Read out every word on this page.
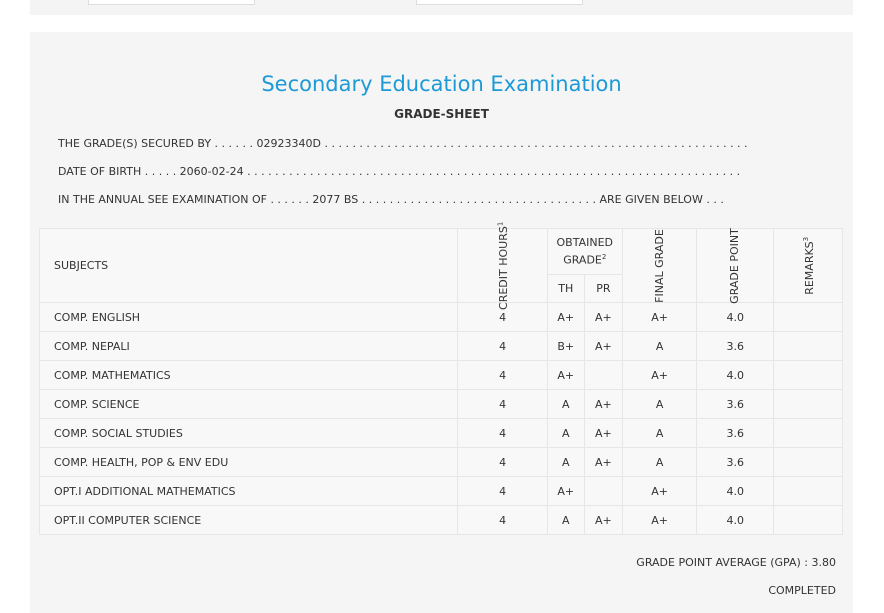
Secondary Education Examination
GRADE-SHEET
THE GRADE(S) SECURED BY . . . . . . 02923340D . . . . . . . . . . . . . . . . . . . . . . . . . . . . . . . . . . . . . . . . . . . . . . . . . . . . . . . . . . . . .
DATE OF BIRTH . . . . . 2060-02-24 . . . . . . . . . . . . . . . . . . . . . . . . . . . . . . . . . . . . . . . . . . . . . . . . . . . . . . . . . . . . . . . . . . . . . . .
IN THE ANNUAL SEE EXAMINATION OF . . . . . . 2077 BS . . . . . . . . . . . . . . . . . . . . . . . . . . . . . . . . . . ARE GIVEN BELOW . . .
SUBJECTS	CREDIT HOURS$^1$	OBTAINED GRADE$^2$		FINAL GRADE	GRADE POINT	REMARKS$^3$
		TH	PR			
COMP. ENGLISH	4	A+	A+	A+	4.0	
COMP. NEPALI	4	B+	A+	A	3.6	
COMP. MATHEMATICS	4	A+		A+	4.0	
COMP. SCIENCE	4	A	A+	A	3.6	
COMP. SOCIAL STUDIES	4	A	A+	A	3.6	
COMP. HEALTH, POP & ENV EDU	4	A	A+	A	3.6	
OPT.I ADDITIONAL MATHEMATICS	4	A+		A+	4.0	
OPT.II COMPUTER SCIENCE	4	A	A+	A+	4.0	
GRADE POINT AVERAGE (GPA) : 3.80
COMPLETED
